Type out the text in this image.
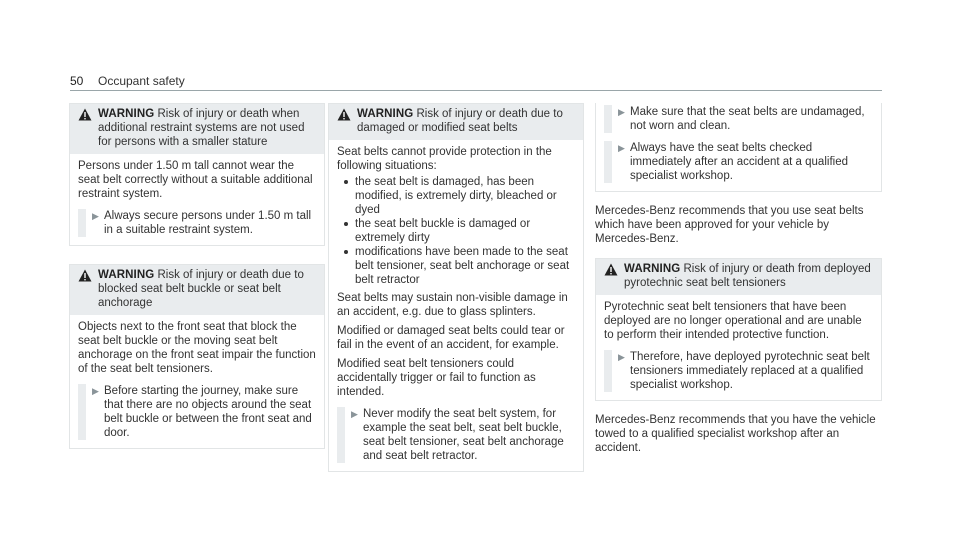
50 Occupant safety
WARNING Risk of injury or death when additional restraint systems are not used for persons with a smaller stature

Persons under 1.50 m tall cannot wear the seat belt correctly without a suitable additional restraint system.

▶ Always secure persons under 1.50 m tall in a suitable restraint system.
WARNING Risk of injury or death due to blocked seat belt buckle or seat belt anchorage

Objects next to the front seat that block the seat belt buckle or the moving seat belt anchorage on the front seat impair the function of the seat belt tensioners.

▶ Before starting the journey, make sure that there are no objects around the seat belt buckle or between the front seat and door.
WARNING Risk of injury or death due to damaged or modified seat belts

Seat belts cannot provide protection in the following situations:

the seat belt is damaged, has been modified, is extremely dirty, bleached or dyed
the seat belt buckle is damaged or extremely dirty
modifications have been made to the seat belt tensioner, seat belt anchorage or seat belt retractor

Seat belts may sustain non-visible damage in an accident, e.g. due to glass splinters.

Modified or damaged seat belts could tear or fail in the event of an accident, for example.

Modified seat belt tensioners could accidentally trigger or fail to function as intended.

▶ Never modify the seat belt system, for example the seat belt, seat belt buckle, seat belt tensioner, seat belt anchorage and seat belt retractor.
▶ Make sure that the seat belts are undamaged, not worn and clean.
▶ Always have the seat belts checked immediately after an accident at a qualified specialist workshop.

Mercedes-Benz recommends that you use seat belts which have been approved for your vehicle by Mercedes-Benz.

WARNING Risk of injury or death from deployed pyrotechnic seat belt tensioners

Pyrotechnic seat belt tensioners that have been deployed are no longer operational and are unable to perform their intended protective function.

▶ Therefore, have deployed pyrotechnic seat belt tensioners immediately replaced at a qualified specialist workshop.

Mercedes-Benz recommends that you have the vehicle towed to a qualified specialist workshop after an accident.
